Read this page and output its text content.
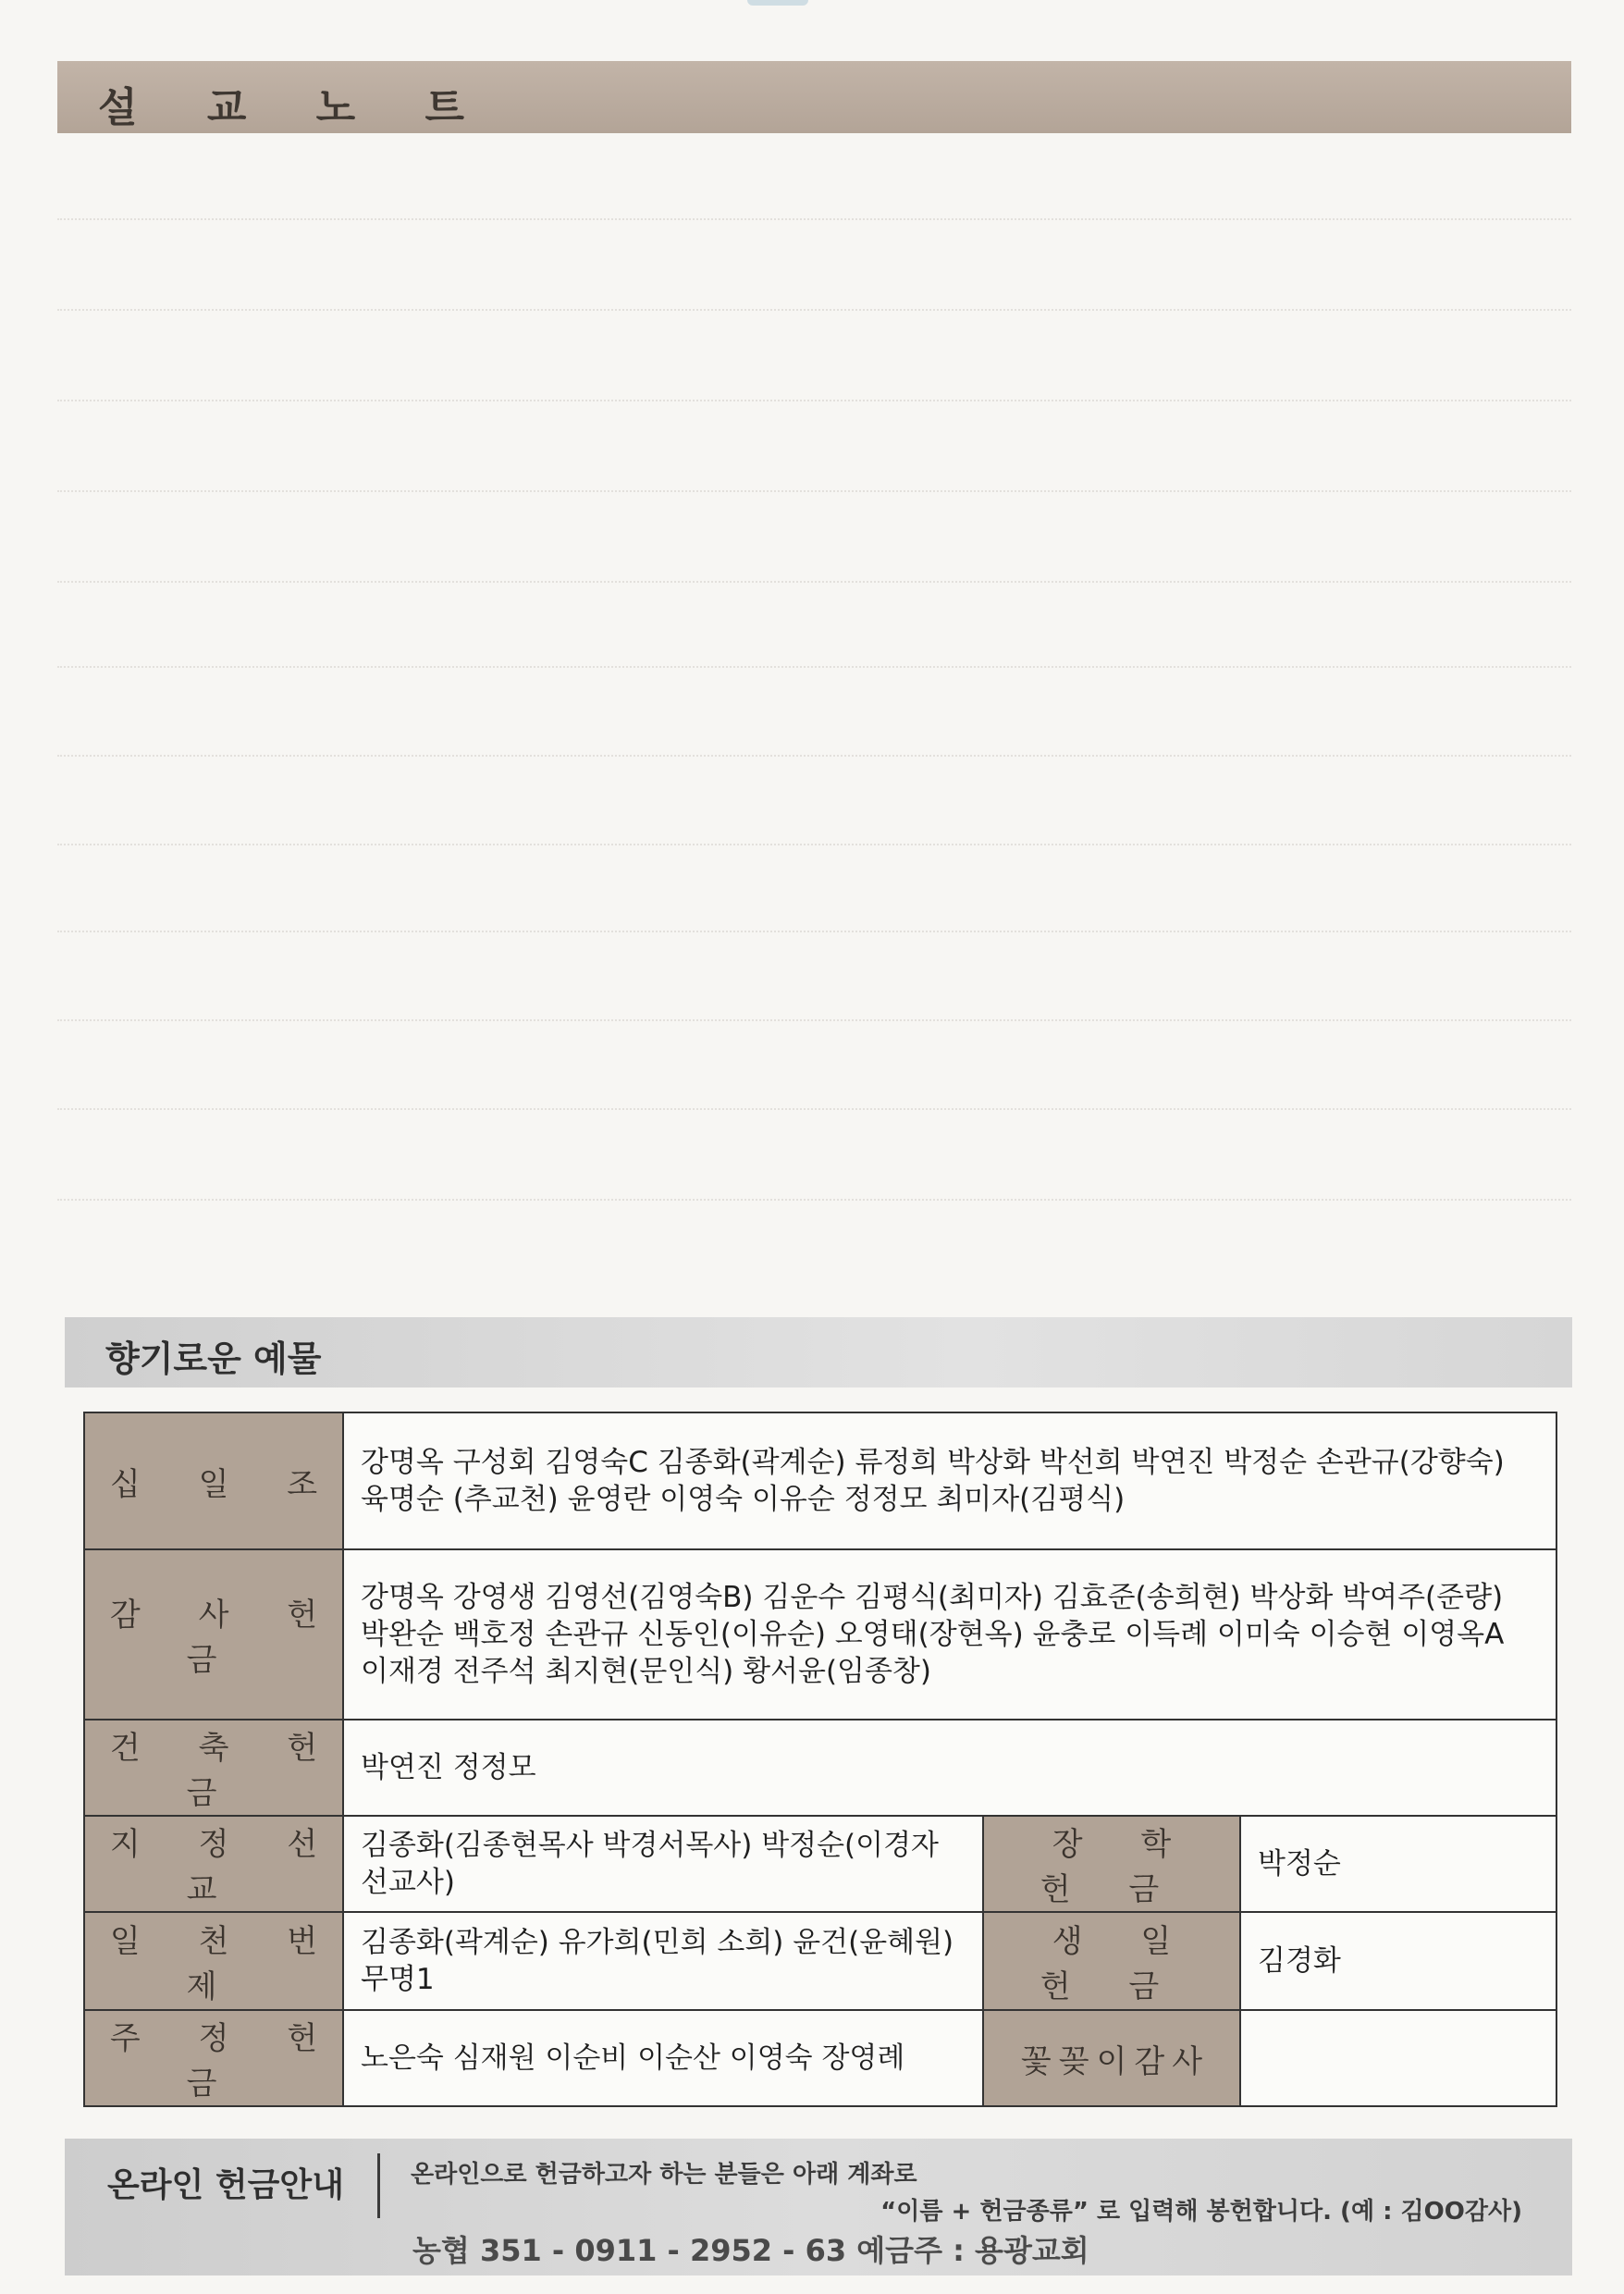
설 교 노 트
향기로운 예물
십 일 조	강명옥 구성회 김영숙C 김종화(곽계순) 류정희 박상화 박선희 박연진 박정순 손관규(강향숙) 육명순 (추교천) 윤영란 이영숙 이유순 정정모 최미자(김평식)		
감 사 헌 금	강명옥 강영생 김영선(김영숙B) 김운수 김평식(최미자) 김효준(송희현) 박상화 박여주(준량) 박완순 백호정 손관규 신동인(이유순) 오영태(장현옥) 윤충로 이득례 이미숙 이승현 이영옥A 이재경 전주석 최지현(문인식) 황서윤(임종창)		
건 축 헌 금	박연진 정정모		
지 정 선 교	김종화(김종현목사 박경서목사) 박정순(이경자선교사)	장 학 헌 금	박정순
일 천 번 제	김종화(곽계순) 유가희(민희 소희) 윤건(윤혜원) 무명1	생 일 헌 금	김경화
주 정 헌 금	노은숙 심재원 이순비 이순산 이영숙 장영례	꽃꽂이감사	
온라인 헌금안내	온라인으로 헌금하고자 하는 분들은 아래 계좌로
“이름 + 헌금종류” 로 입력해 봉헌합니다. (예 : 김OO감사)
농협 351 - 0911 - 2952 - 63 예금주 : 용광교회
